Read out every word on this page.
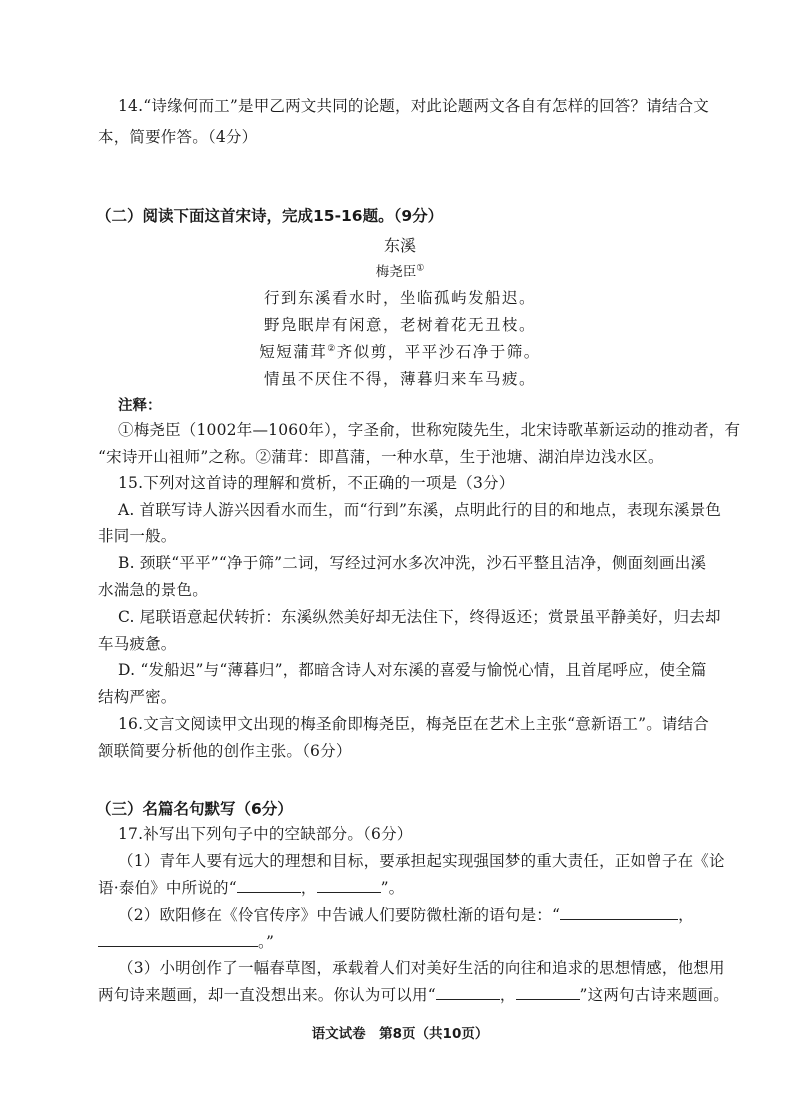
14.“诗缘何而工”是甲乙两文共同的论题，对此论题两文各自有怎样的回答？请结合文
本，简要作答。（4分）
（二）阅读下面这首宋诗，完成15-16题。（9分）
东溪
梅尧臣①
行到东溪看水时，坐临孤屿发船迟。
野凫眠岸有闲意，老树着花无丑枝。
短短蒲茸②齐似剪，平平沙石净于筛。
情虽不厌住不得，薄暮归来车马疲。
注释：
①梅尧臣（1002年—1060年），字圣俞，世称宛陵先生，北宋诗歌革新运动的推动者，有
“宋诗开山祖师”之称。②蒲茸：即菖蒲，一种水草，生于池塘、湖泊岸边浅水区。
15.下列对这首诗的理解和赏析，不正确的一项是（3分）
A. 首联写诗人游兴因看水而生，而“行到”东溪，点明此行的目的和地点，表现东溪景色
非同一般。
B. 颈联“平平”“净于筛”二词，写经过河水多次冲洗，沙石平整且洁净，侧面刻画出溪
水湍急的景色。
C. 尾联语意起伏转折：东溪纵然美好却无法住下，终得返还；赏景虽平静美好，归去却
车马疲惫。
D. “发船迟”与“薄暮归”，都暗含诗人对东溪的喜爱与愉悦心情，且首尾呼应，使全篇
结构严密。
16.文言文阅读甲文出现的梅圣俞即梅尧臣，梅尧臣在艺术上主张“意新语工”。请结合
颔联简要分析他的创作主张。（6分）
（三）名篇名句默写（6分）
17.补写出下列句子中的空缺部分。（6分）
（1）青年人要有远大的理想和目标，要承担起实现强国梦的重大责任，正如曾子在《论
语·泰伯》中所说的“	，	”。
（2）欧阳修在《伶官传序》中告诫人们要防微杜渐的语句是：“	，
。”
（3）小明创作了一幅春草图，承载着人们对美好生活的向往和追求的思想情感，他想用
两句诗来题画，却一直没想出来。你认为可以用“	，	”这两句古诗来题画。
语文试卷　第8页（共10页）
